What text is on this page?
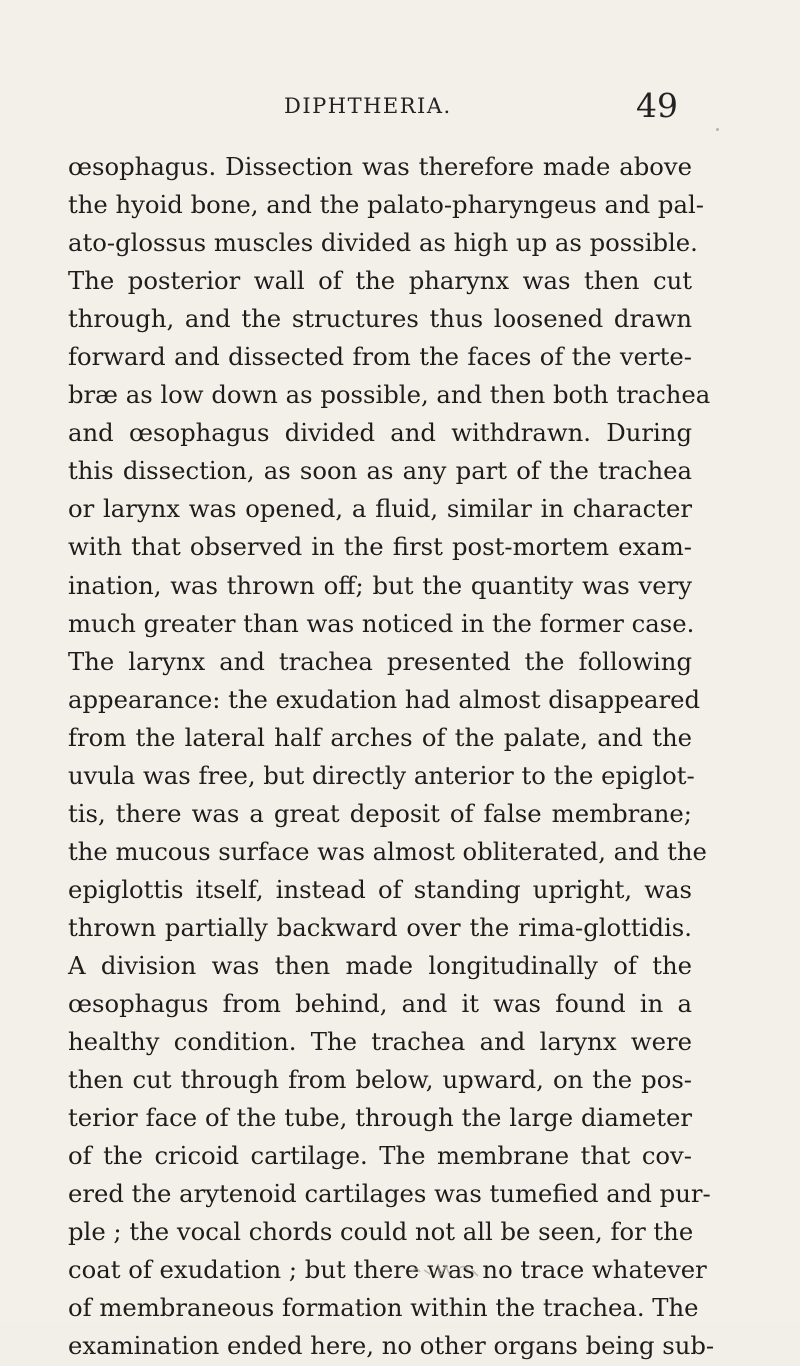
DIPHTHERIA.	49
œsophagus. Dissection was therefore made above
the hyoid bone, and the palato-pharyngeus and pal-
ato-glossus muscles divided as high up as possible.
The posterior wall of the pharynx was then cut
through, and the structures thus loosened drawn
forward and dissected from the faces of the verte-
bræ as low down as possible, and then both trachea
and œsophagus divided and withdrawn. During
this dissection, as soon as any part of the trachea
or larynx was opened, a fluid, similar in character
with that observed in the first post-mortem exam-
ination, was thrown off; but the quantity was very
much greater than was noticed in the former case.
The larynx and trachea presented the following
appearance: the exudation had almost disappeared
from the lateral half arches of the palate, and the
uvula was free, but directly anterior to the epiglot-
tis, there was a great deposit of false membrane;
the mucous surface was almost obliterated, and the
epiglottis itself, instead of standing upright, was
thrown partially backward over the rima-glottidis.
A division was then made longitudinally of the
œsophagus from behind, and it was found in a
healthy condition. The trachea and larynx were
then cut through from below, upward, on the pos-
terior face of the tube, through the large diameter
of the cricoid cartilage. The membrane that cov-
ered the arytenoid cartilages was tumefied and pur-
ple ; the vocal chords could not all be seen, for the
coat of exudation ; but there was no trace whatever
of membraneous formation within the trachea. The
examination ended here, no other organs being sub-
